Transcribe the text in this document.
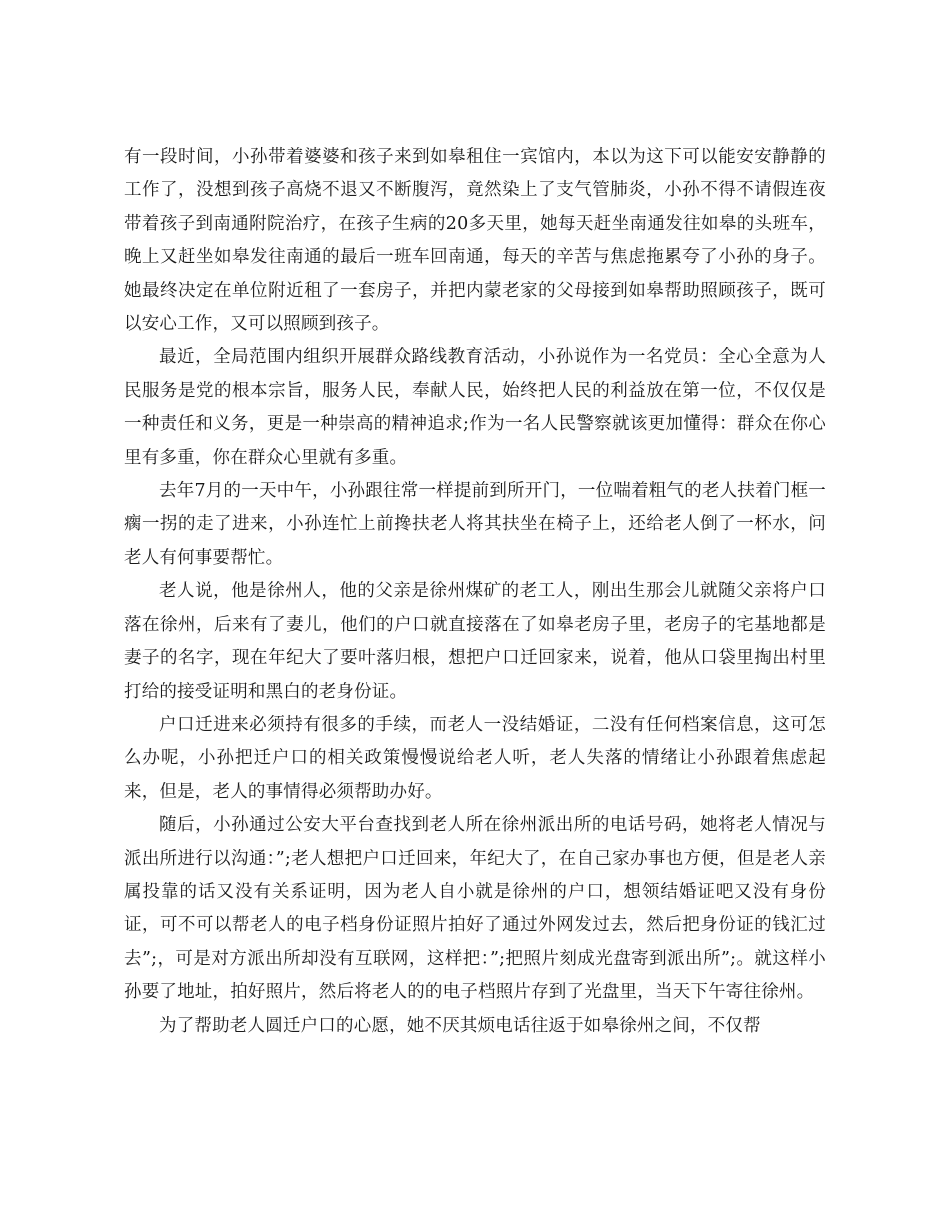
有一段时间，小孙带着婆婆和孩子来到如皋租住一宾馆内，本以为这下可以能安安静静的工作了，没想到孩子高烧不退又不断腹泻，竟然染上了支气管肺炎，小孙不得不请假连夜带着孩子到南通附院治疗，在孩子生病的20多天里，她每天赶坐南通发往如皋的头班车，晚上又赶坐如皋发往南通的最后一班车回南通，每天的辛苦与焦虑拖累夸了小孙的身子。她最终决定在单位附近租了一套房子，并把内蒙老家的父母接到如皋帮助照顾孩子，既可以安心工作，又可以照顾到孩子。

最近，全局范围内组织开展群众路线教育活动，小孙说作为一名党员：全心全意为人民服务是党的根本宗旨，服务人民，奉献人民，始终把人民的利益放在第一位，不仅仅是一种责任和义务，更是一种崇高的精神追求;作为一名人民警察就该更加懂得：群众在你心里有多重，你在群众心里就有多重。

去年7月的一天中午，小孙跟往常一样提前到所开门，一位喘着粗气的老人扶着门框一瘸一拐的走了进来，小孙连忙上前搀扶老人将其扶坐在椅子上，还给老人倒了一杯水，问老人有何事要帮忙。

老人说，他是徐州人，他的父亲是徐州煤矿的老工人，刚出生那会儿就随父亲将户口落在徐州，后来有了妻儿，他们的户口就直接落在了如皋老房子里，老房子的宅基地都是妻子的名字，现在年纪大了要叶落归根，想把户口迁回家来，说着，他从口袋里掏出村里打给的接受证明和黑白的老身份证。

户口迁进来必须持有很多的手续，而老人一没结婚证，二没有任何档案信息，这可怎么办呢，小孙把迁户口的相关政策慢慢说给老人听，老人失落的情绪让小孙跟着焦虑起来，但是，老人的事情得必须帮助办好。

随后，小孙通过公安大平台查找到老人所在徐州派出所的电话号码，她将老人情况与派出所进行以沟通：”;老人想把户口迁回来，年纪大了，在自己家办事也方便，但是老人亲属投靠的话又没有关系证明，因为老人自小就是徐州的户口，想领结婚证吧又没有身份证，可不可以帮老人的电子档身份证照片拍好了通过外网发过去，然后把身份证的钱汇过去”;，可是对方派出所却没有互联网，这样把：”;把照片刻成光盘寄到派出所”;。就这样小孙要了地址，拍好照片，然后将老人的的电子档照片存到了光盘里，当天下午寄往徐州。

为了帮助老人圆迁户口的心愿，她不厌其烦电话往返于如皋徐州之间，不仅帮
